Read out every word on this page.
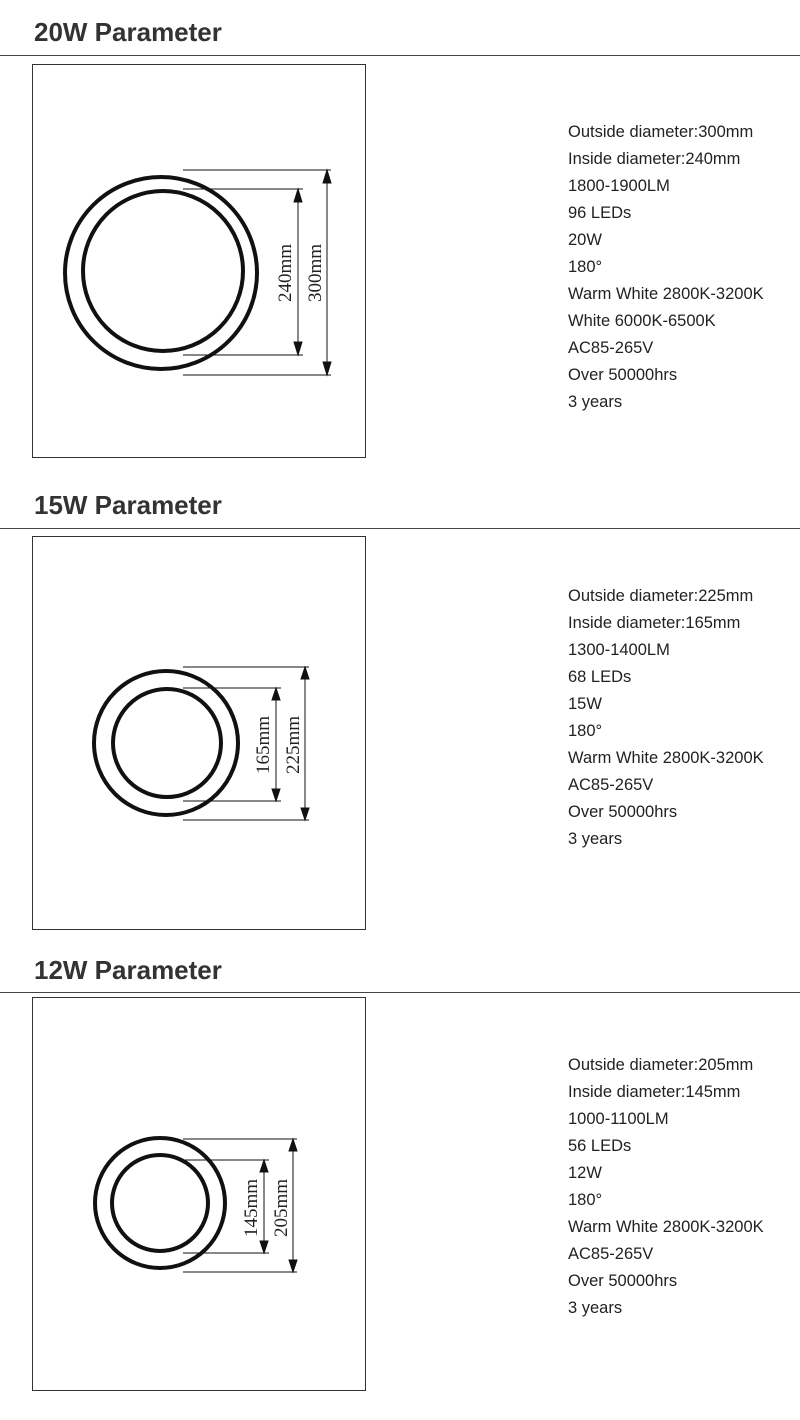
20W Parameter
240mm 300mm
Outside diameter:300mm
Inside diameter:240mm
1800-1900LM
96 LEDs
20W
180°
Warm White 2800K-3200K
White 6000K-6500K
AC85-265V
Over 50000hrs
3 years
15W Parameter
165mm 225mm
Outside diameter:225mm
Inside diameter:165mm
1300-1400LM
68 LEDs
15W
180°
Warm White 2800K-3200K
AC85-265V
Over 50000hrs
3 years
12W Parameter
145mm 205mm
Outside diameter:205mm
Inside diameter:145mm
1000-1100LM
56 LEDs
12W
180°
Warm White 2800K-3200K
AC85-265V
Over 50000hrs
3 years
